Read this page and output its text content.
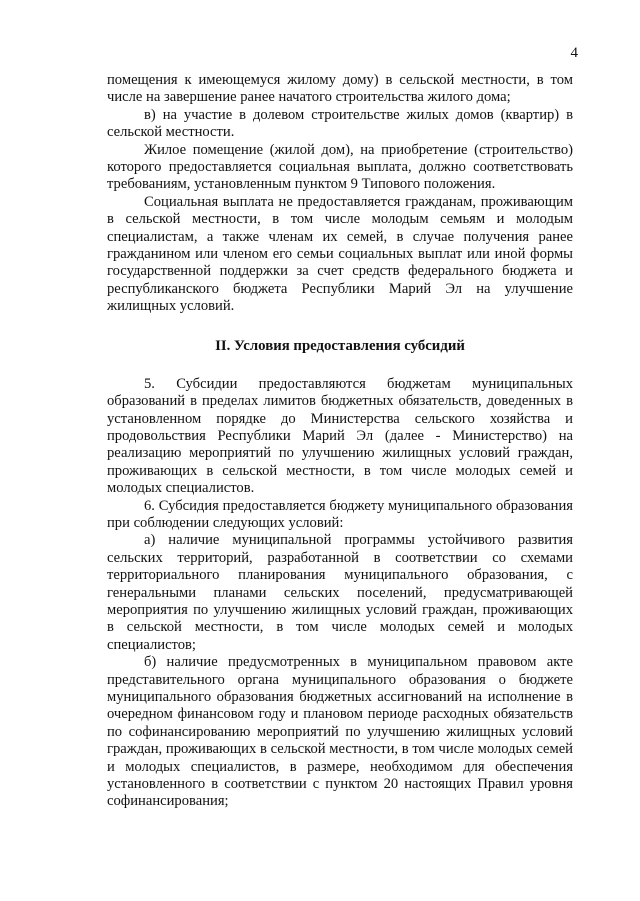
4

помещения к имеющемуся жилому дому) в сельской местности, в том числе на завершение ранее начатого строительства жилого дома;

в) на участие в долевом строительстве жилых домов (квартир) в сельской местности.

Жилое помещение (жилой дом), на приобретение (строительство) которого предоставляется социальная выплата, должно соответствовать требованиям, установленным пунктом 9 Типового положения.

Социальная выплата не предоставляется гражданам, проживающим в сельской местности, в том числе молодым семьям и молодым специалистам, а также членам их семей, в случае получения ранее гражданином или членом его семьи социальных выплат или иной формы государственной поддержки за счет средств федерального бюджета и республиканского бюджета Республики Марий Эл на улучшение жилищных условий.

II. Условия предоставления субсидий

5. Субсидии предоставляются бюджетам муниципальных образований в пределах лимитов бюджетных обязательств, доведенных в установленном порядке до Министерства сельского хозяйства и продовольствия Республики Марий Эл (далее - Министерство) на реализацию мероприятий по улучшению жилищных условий граждан, проживающих в сельской местности, в том числе молодых семей и молодых специалистов.

6. Субсидия предоставляется бюджету муниципального образования при соблюдении следующих условий:

а) наличие муниципальной программы устойчивого развития сельских территорий, разработанной в соответствии со схемами территориального планирования муниципального образования, с генеральными планами сельских поселений, предусматривающей мероприятия по улучшению жилищных условий граждан, проживающих в сельской местности, в том числе молодых семей и молодых специалистов;

б) наличие предусмотренных в муниципальном правовом акте представительного органа муниципального образования о бюджете муниципального образования бюджетных ассигнований на исполнение в очередном финансовом году и плановом периоде расходных обязательств по софинансированию мероприятий по улучшению жилищных условий граждан, проживающих в сельской местности, в том числе молодых семей и молодых специалистов, в размере, необходимом для обеспечения установленного в соответствии с пунктом 20 настоящих Правил уровня софинансирования;
